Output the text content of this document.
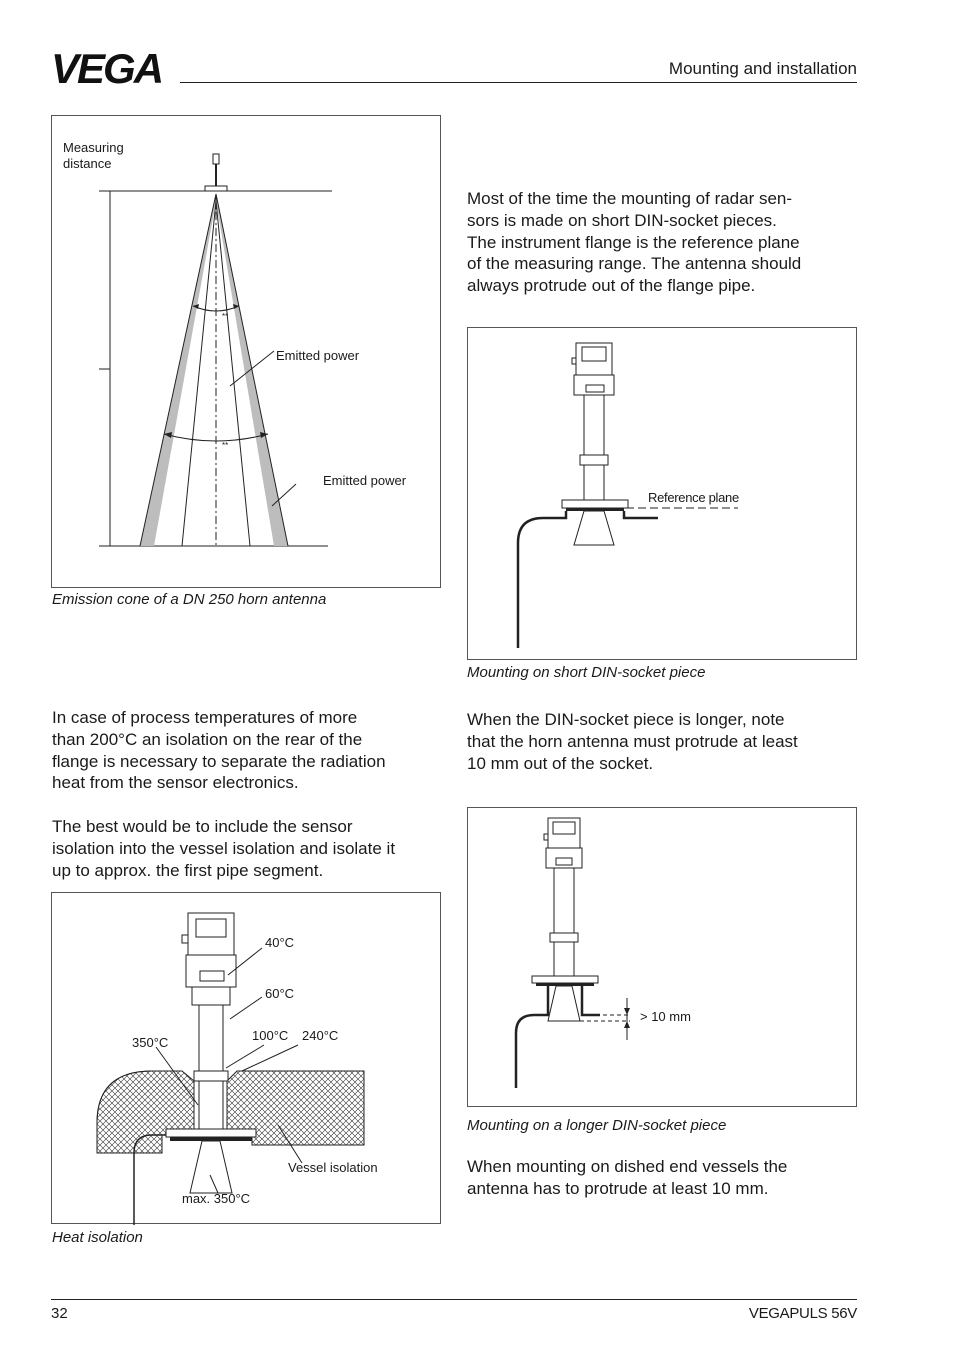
VEGA	Mounting and installation
Measuring
distance
Emitted power
Emitted power
**
**
Emission cone of a DN 250 horn antenna
Most of the time the mounting of radar sen-
sors is made on short DIN-socket pieces.
The instrument flange is the reference plane
of the measuring range. The antenna should
always protrude out of the flange pipe.
Reference plane
Mounting on short DIN-socket piece
In case of process temperatures of more
than 200°C an isolation on the rear of the
flange is necessary to separate the radiation
heat from the sensor electronics.
The best would be to include the sensor
isolation into the vessel isolation and isolate it
up to approx. the first pipe segment.
When the DIN-socket piece is longer, note
that the horn antenna must protrude at least
10 mm out of the socket.
40°C
60°C
100°C 240°C
350°C
Vessel isolation
max. 350°C
Heat isolation
> 10 mm
Mounting on a longer DIN-socket piece
When mounting on dished end vessels the
antenna has to protrude at least 10 mm.
32	VEGAPULS 56V
